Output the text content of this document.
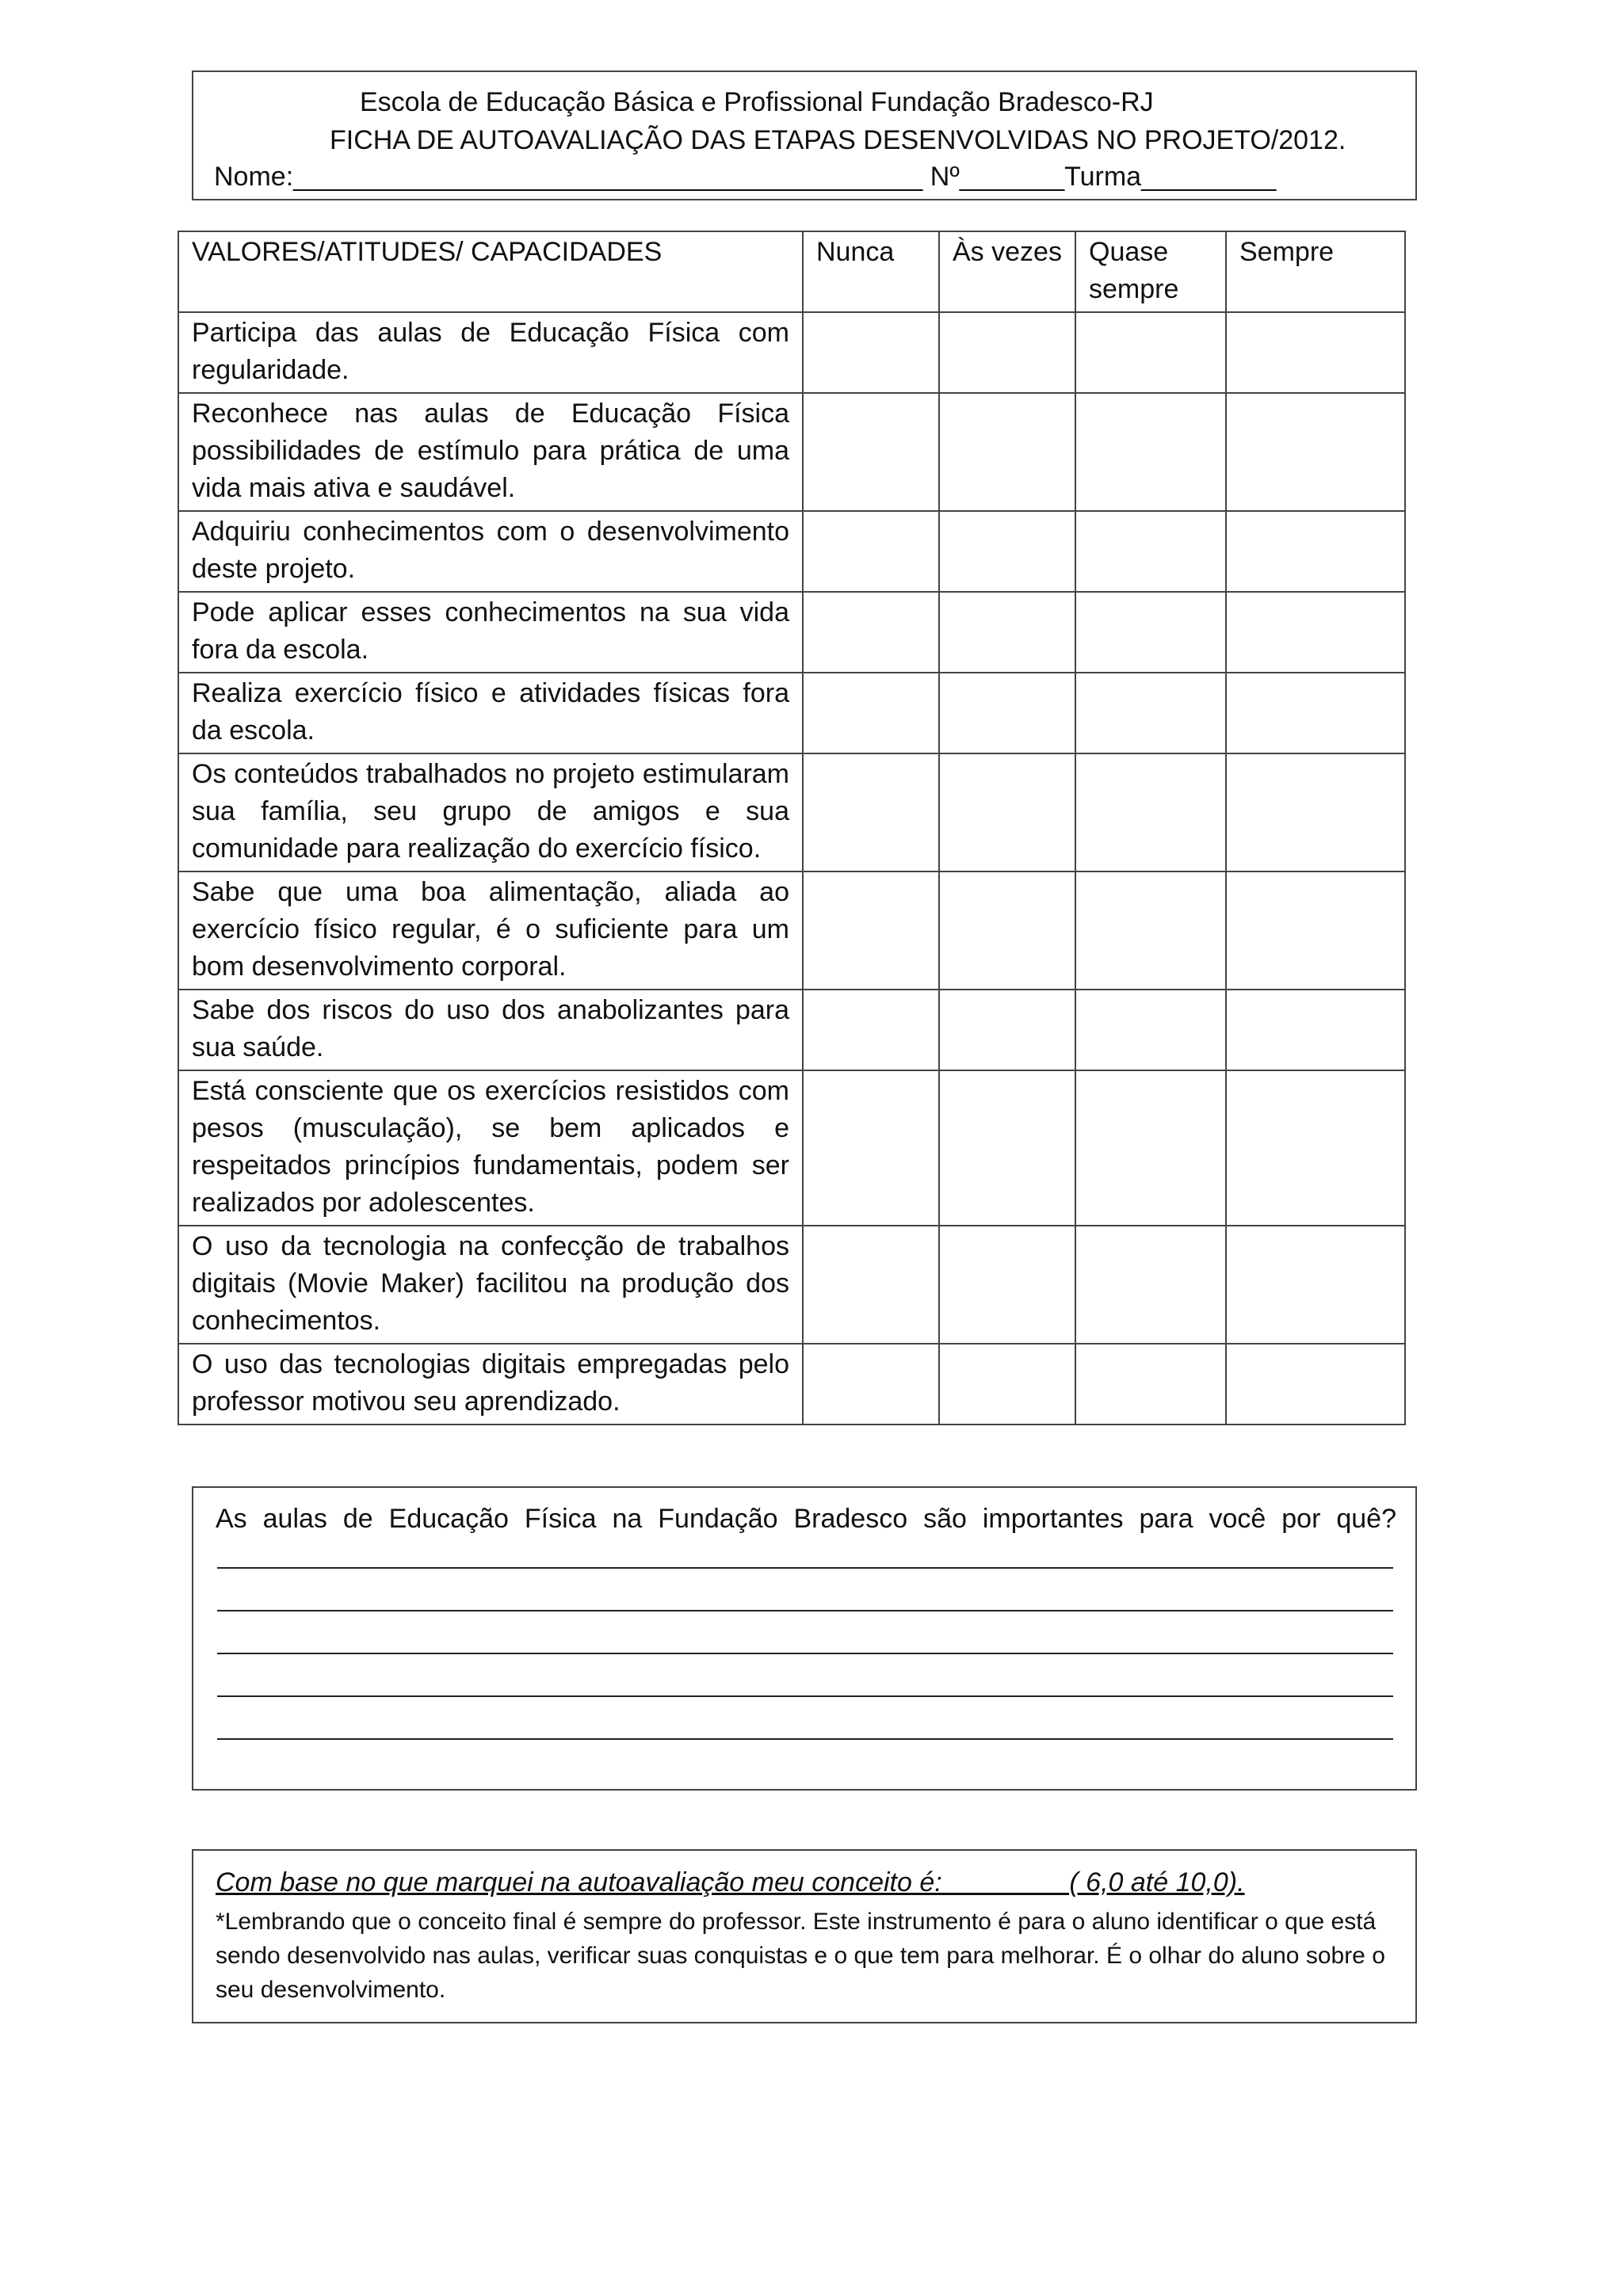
Escola de Educação Básica e Profissional Fundação Bradesco-RJ
FICHA DE AUTOAVALIAÇÃO DAS ETAPAS DESENVOLVIDAS NO PROJETO/2012.
Nome:__________________________________________ Nº_______Turma_________
VALORES/ATITUDES/ CAPACIDADES	Nunca	Às vezes	Quase sempre	Sempre
Participa das aulas de Educação Física com regularidade.				
Reconhece nas aulas de Educação Física possibilidades de estímulo para prática de uma vida mais ativa e saudável.				
Adquiriu conhecimentos com o desenvolvimento deste projeto.				
Pode aplicar esses conhecimentos na sua vida fora da escola.				
Realiza exercício físico e atividades físicas fora da escola.				
Os conteúdos trabalhados no projeto estimularam sua família, seu grupo de amigos e sua comunidade para realização do exercício físico.				
Sabe que uma boa alimentação, aliada ao exercício físico regular, é o suficiente para um bom desenvolvimento corporal.				
Sabe dos riscos do uso dos anabolizantes para sua saúde.				
Está consciente que os exercícios resistidos com pesos (musculação), se bem aplicados e respeitados princípios fundamentais, podem ser realizados por adolescentes.				
O uso da tecnologia na confecção de trabalhos digitais (Movie Maker) facilitou na produção dos conhecimentos.				
O uso das tecnologias digitais empregadas pelo professor motivou seu aprendizado.				
As aulas de Educação Física na Fundação Bradesco são importantes para você por quê?
Com base no que marquei na autoavaliação meu conceito é:________ ( 6,0 até 10,0).
*Lembrando que o conceito final é sempre do professor. Este instrumento é para o aluno identificar o que está sendo desenvolvido nas aulas, verificar suas conquistas e o que tem para melhorar. É o olhar do aluno sobre o seu desenvolvimento.
